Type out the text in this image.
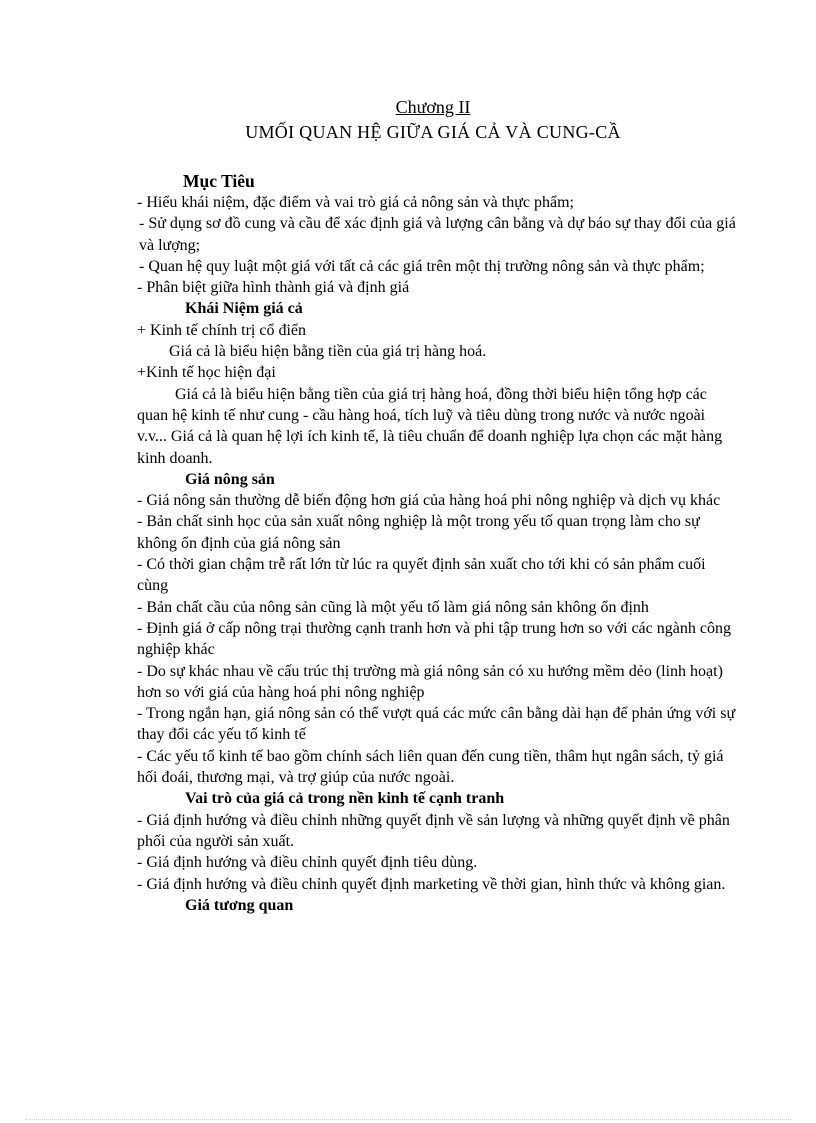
Chương II
UMỐI QUAN HỆ GIỮA GIÁ CẢ VÀ CUNG-CẦ

Mục Tiêu

- Hiểu khái niệm, đặc điểm và vai trò giá cả nông sản và thực phẩm;

- Sử dụng sơ đồ cung và cầu để xác định giá và lượng cân bằng và dự báo sự thay đổi của giá và lượng;

- Quan hệ quy luật một giá với tất cả các giá trên một thị trường nông sản và thực phẩm;

- Phân biệt giữa hình thành giá và định giá

Khái Niệm giá cả

+ Kinh tế chính trị cổ điển

Giá cả là biểu hiện bằng tiền của giá trị hàng hoá.

+Kinh tế học hiện đại

Giá cả là biểu hiện bằng tiền của giá trị hàng hoá, đồng thời biểu hiện tổng hợp các quan hệ kinh tế như cung - cầu hàng hoá, tích luỹ và tiêu dùng trong nước và nước ngoài v.v... Giá cả là quan hệ lợi ích kinh tế, là tiêu chuẩn để doanh nghiệp lựa chọn các mặt hàng kinh doanh.

Giá nông sản

- Giá nông sản thường dễ biến động hơn giá của hàng hoá phi nông nghiệp và dịch vụ khác

- Bản chất sinh học của sản xuất nông nghiệp là một trong yếu tố quan trọng làm cho sự không ổn định của giá nông sản

- Có thời gian chậm trễ rất lớn từ lúc ra quyết định sản xuất cho tới khi có sản phẩm cuối cùng

- Bản chất cầu của nông sản cũng là một yếu tố làm giá nông sản không ổn định

- Định giá ở cấp nông trại thường cạnh tranh hơn và phi tập trung hơn so với các ngành công nghiệp khác

- Do sự khác nhau về cấu trúc thị trường mà giá nông sản có xu hướng mềm dẻo (linh hoạt) hơn so với giá của hàng hoá phi nông nghiệp

- Trong ngắn hạn, giá nông sản có thể vượt quá các mức cân bằng dài hạn để phản ứng với sự thay đổi các yếu tố kinh tế

- Các yếu tố kinh tế bao gồm chính sách liên quan đến cung tiền, thâm hụt ngân sách, tỷ giá hối đoái, thương mại, và trợ giúp của nước ngoài.

Vai trò của giá cả trong nền kinh tế cạnh tranh

- Giá định hướng và điều chỉnh những quyết định về sản lượng và những quyết định về phân phối của người sản xuất.

- Giá định hướng và điều chỉnh quyết định tiêu dùng.

- Giá định hướng và điều chỉnh quyết định marketing về thời gian, hình thức và không gian.

Giá tương quan
